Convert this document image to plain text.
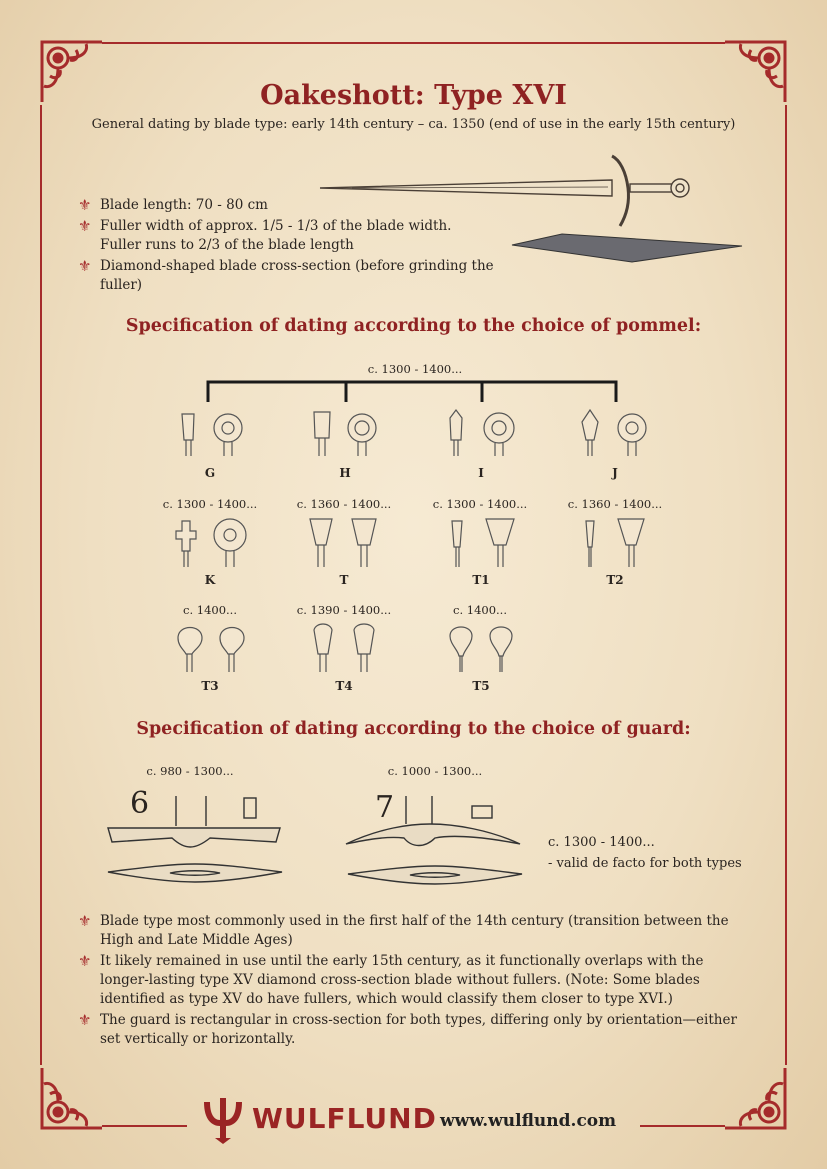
Oakeshott: Type XVI
General dating by blade type: early 14th century – ca. 1350 (end of use in the early 15th century)
⚜ Blade length: 70 - 80 cm
⚜ Fuller width of approx. 1/5 - 1/3 of the blade width.
Fuller runs to 2/3 of the blade length
⚜ Diamond-shaped blade cross-section (before grinding the fuller)
Specification of dating according to the choice of pommel:
c. 1300 - 1400...
G	H	I	J
c. 1300 - 1400...
K
c. 1360 - 1400...
T
c. 1300 - 1400...
T1
c. 1360 - 1400...
T2
c. 1400...
T3
c. 1390 - 1400...
T4
c. 1400...
T5
Specification of dating according to the choice of guard:
c. 980 - 1300...
6
c. 1000 - 1300...
7
c. 1300 - 1400...
- valid de facto for both types
⚜ Blade type most commonly used in the first half of the 14th century (transition between the High and Late Middle Ages)
⚜ It likely remained in use until the early 15th century, as it functionally overlaps with the longer-lasting type XV diamond cross-section blade without fullers. (Note: Some blades identified as type XV do have fullers, which would classify them closer to type XVI.)
⚜ The guard is rectangular in cross-section for both types, differing only by orientation—either set vertically or horizontally.
WULFLUND www.wulflund.com
